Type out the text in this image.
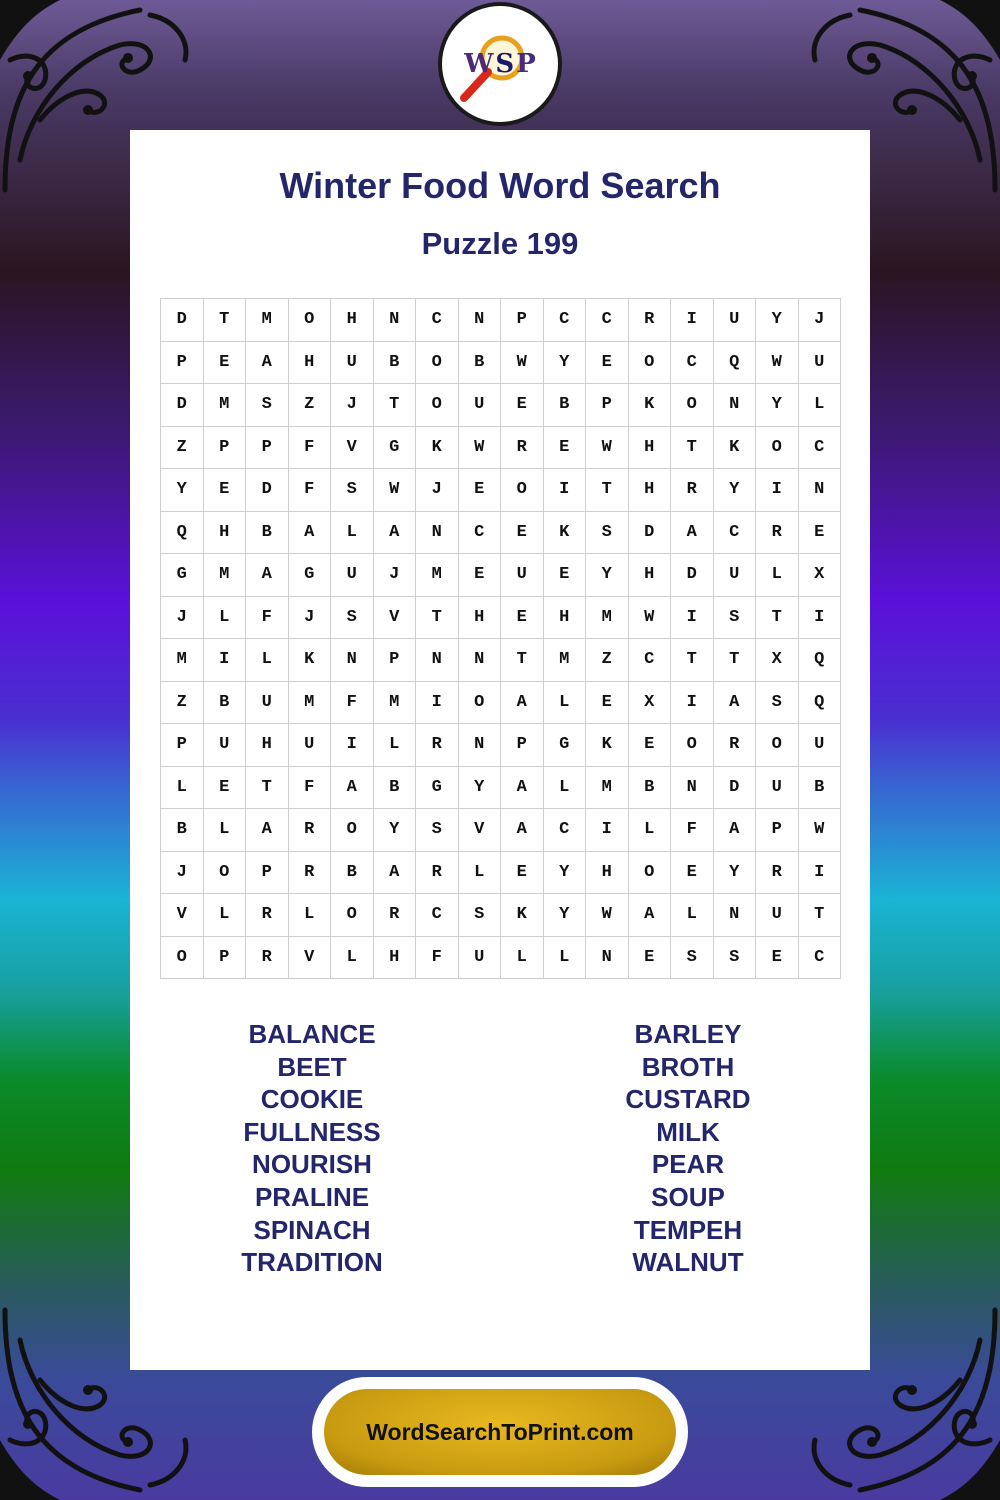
W S P
Winter Food Word Search
Puzzle 199
D	T	M	O	H	N	C	N	P	C	C	R	I	U	Y	J
P	E	A	H	U	B	O	B	W	Y	E	O	C	Q	W	U
D	M	S	Z	J	T	O	U	E	B	P	K	O	N	Y	L
Z	P	P	F	V	G	K	W	R	E	W	H	T	K	O	C
Y	E	D	F	S	W	J	E	O	I	T	H	R	Y	I	N
Q	H	B	A	L	A	N	C	E	K	S	D	A	C	R	E
G	M	A	G	U	J	M	E	U	E	Y	H	D	U	L	X
J	L	F	J	S	V	T	H	E	H	M	W	I	S	T	I
M	I	L	K	N	P	N	N	T	M	Z	C	T	T	X	Q
Z	B	U	M	F	M	I	O	A	L	E	X	I	A	S	Q
P	U	H	U	I	L	R	N	P	G	K	E	O	R	O	U
L	E	T	F	A	B	G	Y	A	L	M	B	N	D	U	B
B	L	A	R	O	Y	S	V	A	C	I	L	F	A	P	W
J	O	P	R	B	A	R	L	E	Y	H	O	E	Y	R	I
V	L	R	L	O	R	C	S	K	Y	W	A	L	N	U	T
O	P	R	V	L	H	F	U	L	L	N	E	S	S	E	C
BALANCE
BEET
COOKIE
FULLNESS
NOURISH
PRALINE
SPINACH
TRADITION
BARLEY
BROTH
CUSTARD
MILK
PEAR
SOUP
TEMPEH
WALNUT
WordSearchToPrint.com
